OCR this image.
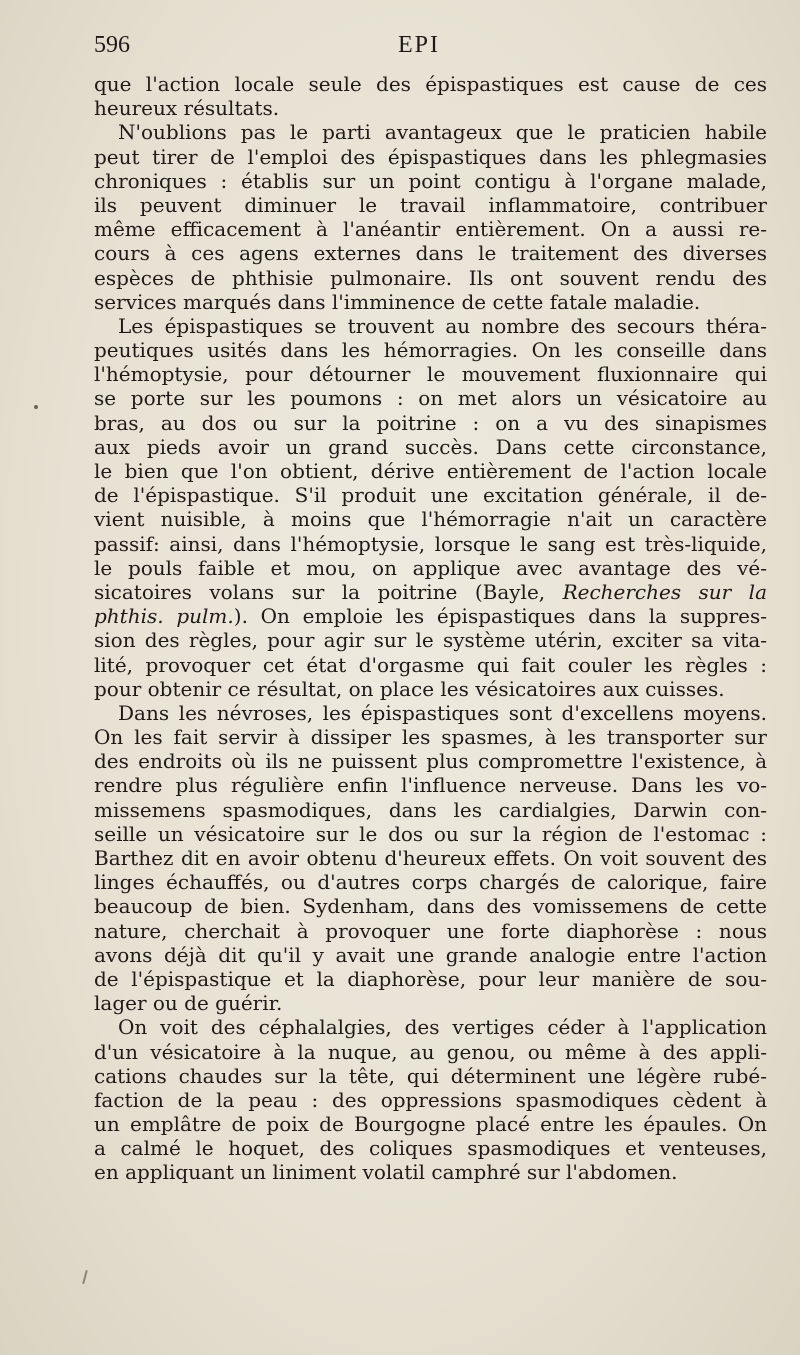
596	EPI
que l'action locale seule des épispastiques est cause de ces
heureux résultats.
N'oublions pas le parti avantageux que le praticien habile
peut tirer de l'emploi des épispastiques dans les phlegmasies
chroniques : établis sur un point contigu à l'organe malade,
ils peuvent diminuer le travail inflammatoire, contribuer
même efficacement à l'anéantir entièrement. On a aussi re-
cours à ces agens externes dans le traitement des diverses
espèces de phthisie pulmonaire. Ils ont souvent rendu des
services marqués dans l'imminence de cette fatale maladie.
Les épispastiques se trouvent au nombre des secours théra-
peutiques usités dans les hémorragies. On les conseille dans
l'hémoptysie, pour détourner le mouvement fluxionnaire qui
se porte sur les poumons : on met alors un vésicatoire au
bras, au dos ou sur la poitrine : on a vu des sinapismes
aux pieds avoir un grand succès. Dans cette circonstance,
le bien que l'on obtient, dérive entièrement de l'action locale
de l'épispastique. S'il produit une excitation générale, il de-
vient nuisible, à moins que l'hémorragie n'ait un caractère
passif: ainsi, dans l'hémoptysie, lorsque le sang est très-liquide,
le pouls faible et mou, on applique avec avantage des vé-
sicatoires volans sur la poitrine (Bayle, Recherches sur la
phthis. pulm.). On emploie les épispastiques dans la suppres-
sion des règles, pour agir sur le système utérin, exciter sa vita-
lité, provoquer cet état d'orgasme qui fait couler les règles :
pour obtenir ce résultat, on place les vésicatoires aux cuisses.
Dans les névroses, les épispastiques sont d'excellens moyens.
On les fait servir à dissiper les spasmes, à les transporter sur
des endroits où ils ne puissent plus compromettre l'existence, à
rendre plus régulière enfin l'influence nerveuse. Dans les vo-
missemens spasmodiques, dans les cardialgies, Darwin con-
seille un vésicatoire sur le dos ou sur la région de l'estomac :
Barthez dit en avoir obtenu d'heureux effets. On voit souvent des
linges échauffés, ou d'autres corps chargés de calorique, faire
beaucoup de bien. Sydenham, dans des vomissemens de cette
nature, cherchait à provoquer une forte diaphorèse : nous
avons déjà dit qu'il y avait une grande analogie entre l'action
de l'épispastique et la diaphorèse, pour leur manière de sou-
lager ou de guérir.
On voit des céphalalgies, des vertiges céder à l'application
d'un vésicatoire à la nuque, au genou, ou même à des appli-
cations chaudes sur la tête, qui déterminent une légère rubé-
faction de la peau : des oppressions spasmodiques cèdent à
un emplâtre de poix de Bourgogne placé entre les épaules. On
a calmé le hoquet, des coliques spasmodiques et venteuses,
en appliquant un liniment volatil camphré sur l'abdomen.
